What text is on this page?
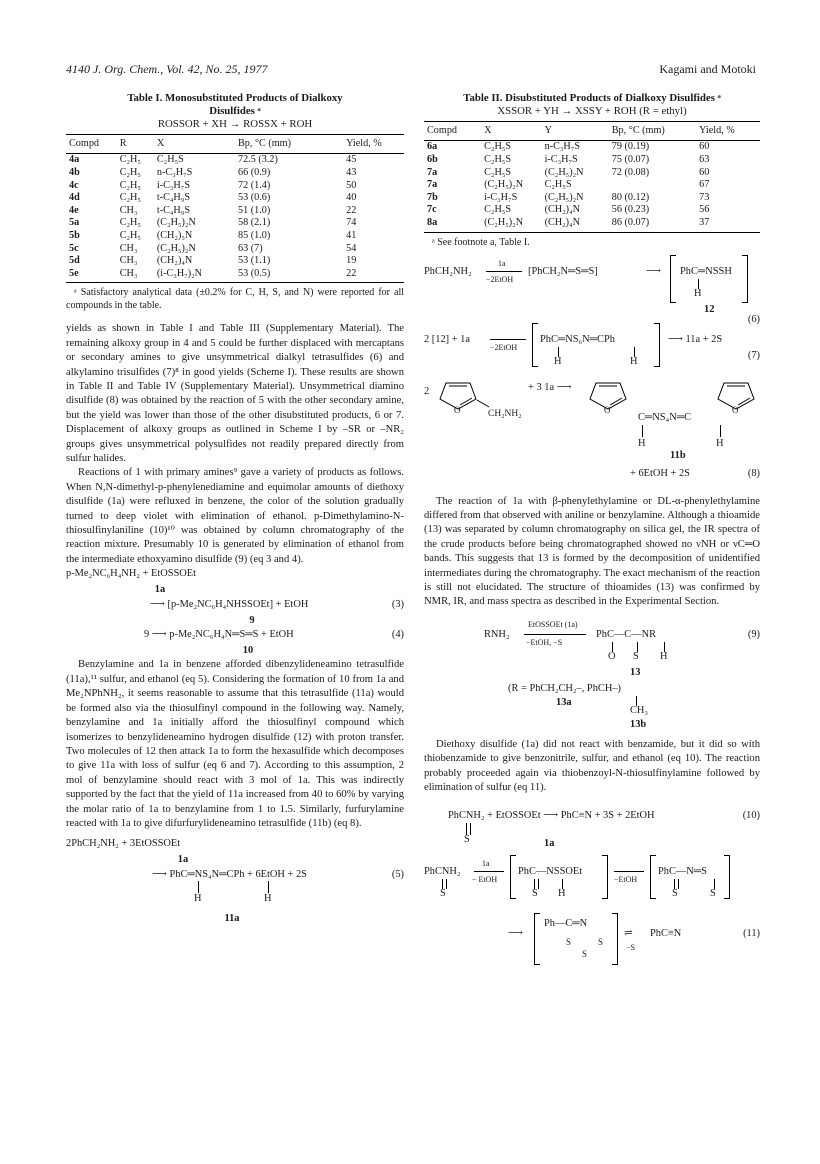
4140 J. Org. Chem., Vol. 42, No. 25, 1977	Kagami and Motoki
Table I. Monosubstituted Products of Dialkoxy Disulfides ᵃ
ROSSOR + XH → ROSSX + ROH
Compd	R	X	Bp, °C (mm)	Yield, %
4a	C₂H₅	C₂H₅S	72.5 (3.2)	45
4b	C₂H₅	n-C₃H₇S	66 (0.9)	43
4c	C₂H₅	i-C₃H₇S	72 (1.4)	50
4d	C₂H₅	t-C₄H₉S	53 (0.6)	40
4e	CH₃	t-C₄H₉S	51 (1.0)	22
5a	C₂H₅	(C₂H₅)₂N	58 (2.1)	74
5b	C₂H₅	(CH₂)₅N	85 (1.0)	41
5c	CH₃	(C₂H₅)₂N	63 (7)	54
5d	CH₃	(CH₂)₄N	53 (1.1)	19
5e	CH₃	(i-C₃H₇)₂N	53 (0.5)	22
ᵃ Satisfactory analytical data (±0.2% for C, H, S, and N) were reported for all compounds in the table.

yields as shown in Table I and Table III (Supplementary Material). The remaining alkoxy group in 4 and 5 could be further displaced with mercaptans or secondary amines to give unsymmetrical dialkyl tetrasulfides (6) and alkylamino trisulfides (7)⁸ in good yields (Scheme I). These results are shown in Table II and Table IV (Supplementary Material). Unsymmetrical diamino disulfide (8) was obtained by the reaction of 5 with the other secondary amine, but the yield was lower than those of the other disubstituted products, 6 or 7. Displacement of alkoxy groups as outlined in Scheme I by –SR or –NR₂ groups gives unsymmetrical polysulfides not readily prepared directly from sulfur halides.

Reactions of 1 with primary amines⁹ gave a variety of products as follows. When N,N-dimethyl-p-phenylenediamine and equimolar amounts of diethoxy disulfide (1a) were refluxed in benzene, the color of the solution gradually turned to deep violet with elimination of ethanol. p-Dimethylamino-N-thiosulfinylaniline (10)¹⁰ was obtained by column chromatography of the reaction mixture. Presumably 10 is generated by elimination of ethanol from the intermediate ethoxyamino disulfide (9) (eq 3 and 4).

p-Me₂NC₆H₄NH₂ + EtOSSOEt
1a
⟶ [p-Me₂NC₆H₄NHSSOEt] + EtOH	(3)
9
9 ⟶ p-Me₂NC₆H₄N═S═S + EtOH	(4)
10

Benzylamine and 1a in benzene afforded dibenzylideneamino tetrasulfide (11a),¹¹ sulfur, and ethanol (eq 5). Considering the formation of 10 from 1a and Me₂NPhNH₂, it seems reasonable to assume that this tetrasulfide (11a) would be formed also via the thiosulfinyl compound in the following way. Namely, benzylamine and 1a initially afford the thiosulfinyl compound which isomerizes to benzylideneamino hydrogen disulfide (12) with proton transfer. Two molecules of 12 then attack 1a to form the hexasulfide which decomposes to give 11a with loss of sulfur (eq 6 and 7). According to this assumption, 2 mol of benzylamine should react with 3 mol of 1a. This was indirectly supported by the fact that the yield of 11a increased from 40 to 60% by varying the molar ratio of 1a to benzylamine from 1 to 1.5. Similarly, furfurylamine reacted with 1a to give difurfurylideneamino tetrasulfide (11b) (eq 8).

2PhCH₂NH₂ + 3EtOSSOEt
1a
⟶ PhC═NS₄N═CPh + 6EtOH + 2S	(5)
H	H
11a
Table II. Disubstituted Products of Dialkoxy Disulfides ᵃ
XSSOR + YH → XSSY + ROH (R = ethyl)
Compd	X	Y	Bp, °C (mm)	Yield, %
6a	C₂H₅S	n-C₃H₇S	79 (0.19)	60
6b	C₂H₅S	i-C₃H₇S	75 (0.07)	63
7a	C₂H₅S	(C₂H₅)₂N	72 (0.08)	60
7a	(C₂H₅)₂N	C₂H₅S		67
7b	i-C₃H₇S	(C₂H₅)₂N	80 (0.12)	73
7c	C₂H₅S	(CH₂)₄N	56 (0.23)	56
8a	(C₂H₅)₂N	(CH₂)₄N	86 (0.07)	37
ᵃ See footnote a, Table I.
PhCH₂NH₂
1a
−2EtOH
[PhCH₂N═S═S]	⟶ PhC═NSSH
H
12
(6)
2 [12] + 1a
−2EtOH
PhC═NS₆N═CPh
H	H
⟶ 11a + 2S
(7)
2
O	CH₂NH₂
+ 3 1a ⟶
O
C═NS₄N═C
O
H	H
11b
+ 6EtOH + 2S	(8)

The reaction of 1a with β-phenylethylamine or DL-α-phenylethylamine differed from that observed with aniline or benzylamine. Although a thioamide (13) was separated by column chromatography on silica gel, the IR spectra of the crude products before being chromatographed showed no νNH or νC═O bands. This suggests that 13 is formed by the decomposition of unidentified intermediates during the chromatography. The exact mechanism of the reaction is still not elucidated. The structure of thioamides (13) was confirmed by NMR, IR, and mass spectra as described in the Experimental Section.

RNH₂
EtOSSOEt (1a)
−EtOH, −S
PhC—C—NR
O S H
13
(9)
(R = PhCH₂CH₂–, PhCH–)
13a
CH₃
13b

Diethoxy disulfide (1a) did not react with benzamide, but it did so with thiobenzamide to give benzonitrile, sulfur, and ethanol (eq 10). The reaction probably proceeded again via thiobenzoyl-N-thiosulfinylamine followed by elimination of sulfur (eq 11).

PhCNH₂ + EtOSSOEt ⟶ PhC≡N + 3S + 2EtOH
S	1a
(10)
PhCNH₂
S
1a
− EtOH
PhC—NSSOEt
S H
−EtOH
PhC—N═S
S	S
⟶
Ph—C═N
S	S
S
⇌
−S
PhC≡N	(11)
